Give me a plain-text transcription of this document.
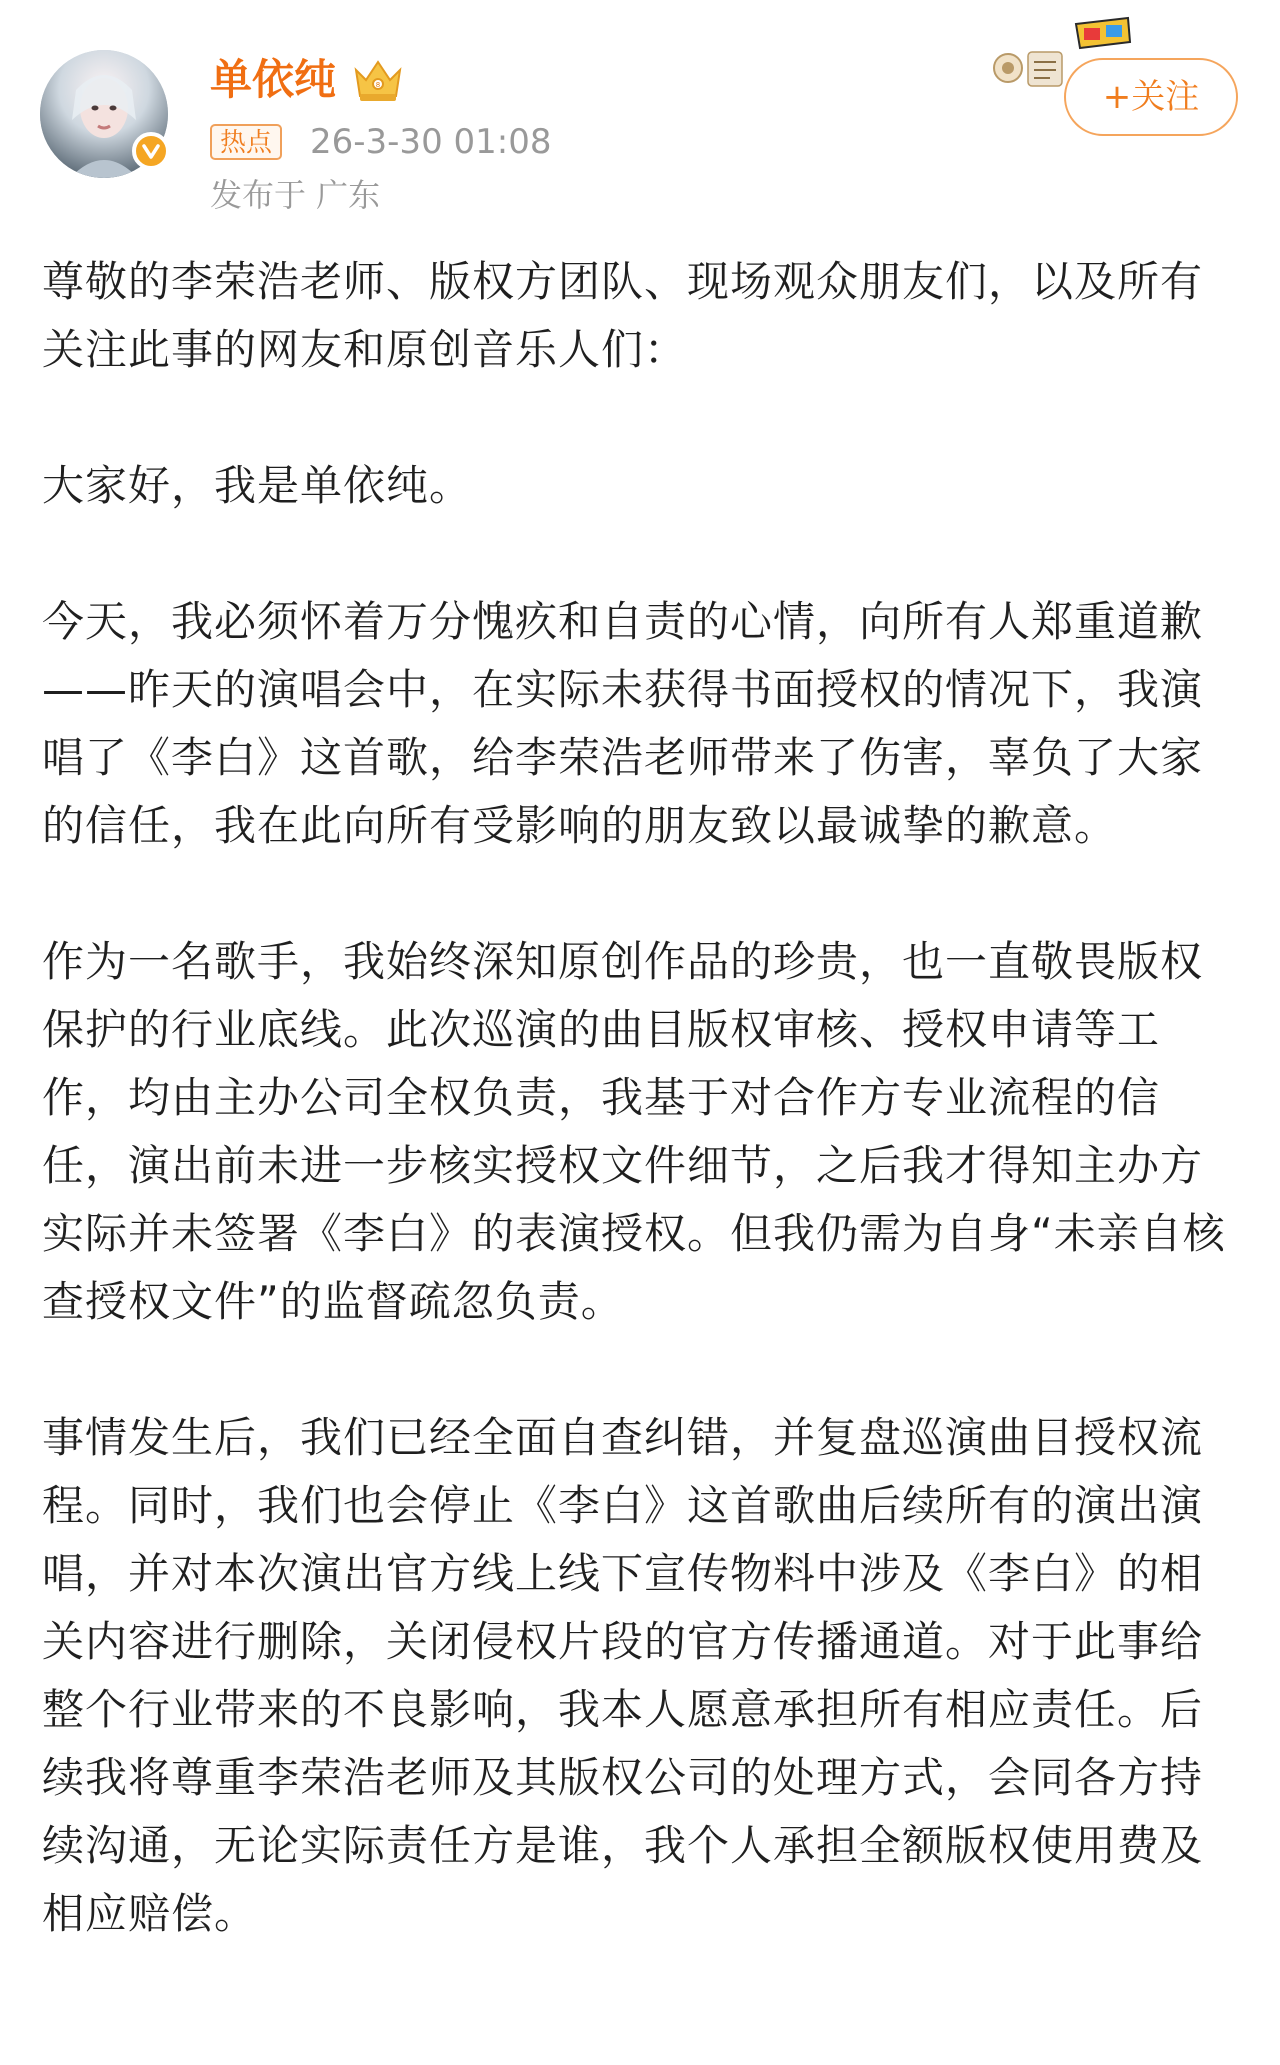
单依纯	8
热点 26-3-30 01:08
发布于 广东
+关注

尊敬的李荣浩老师、版权方团队、现场观众朋友们，以及所有关注此事的网友和原创音乐人们：

大家好，我是单依纯。

今天，我必须怀着万分愧疚和自责的心情，向所有人郑重道歉——昨天的演唱会中，在实际未获得书面授权的情况下，我演唱了《李白》这首歌，给李荣浩老师带来了伤害，辜负了大家的信任，我在此向所有受影响的朋友致以最诚挚的歉意。

作为一名歌手，我始终深知原创作品的珍贵，也一直敬畏版权保护的行业底线。此次巡演的曲目版权审核、授权申请等工作，均由主办公司全权负责，我基于对合作方专业流程的信任，演出前未进一步核实授权文件细节，之后我才得知主办方实际并未签署《李白》的表演授权。但我仍需为自身“未亲自核查授权文件”的监督疏忽负责。

事情发生后，我们已经全面自查纠错，并复盘巡演曲目授权流程。同时，我们也会停止《李白》这首歌曲后续所有的演出演唱，并对本次演出官方线上线下宣传物料中涉及《李白》的相关内容进行删除，关闭侵权片段的官方传播通道。对于此事给整个行业带来的不良影响，我本人愿意承担所有相应责任。后续我将尊重李荣浩老师及其版权公司的处理方式，会同各方持续沟通，无论实际责任方是谁，我个人承担全额版权使用费及相应赔偿。
